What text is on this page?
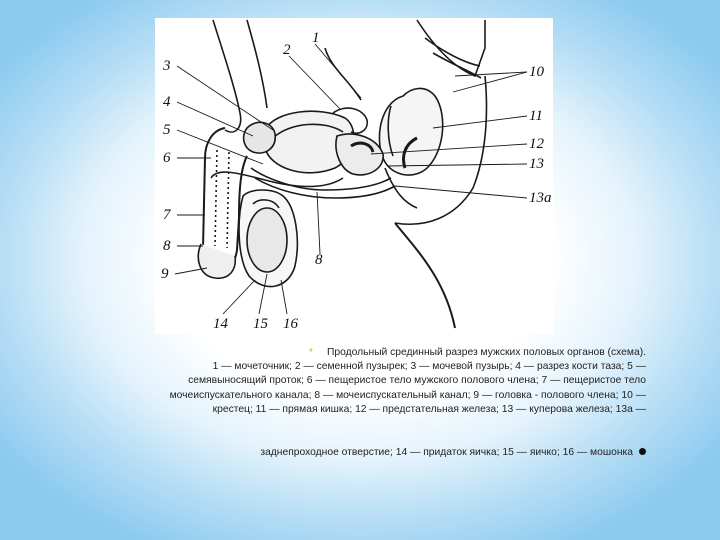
1
2
3
4
5
6
7
8
9
10
11
12
13
13a
14 15 16
8

* Продольный срединный разрез мужских половых органов (схема).

1 — мочеточник; 2 — семенной пузырек; 3 — мочевой пузырь; 4 — разрез кости таза; 5 —

семявыносящий проток; 6 — пещеристое тело мужского полового члена; 7 — пещеристое тело

мочеиспускательного канала; 8 — мочеиспускательный канал; 9 — головка - полового члена; 10 —

крестец; 11 — прямая кишка; 12 — предстательная железа; 13 — куперова железа; 13а —

заднепроходное отверстие; 14 — придаток яичка; 15 — яичко; 16 — мошонка
